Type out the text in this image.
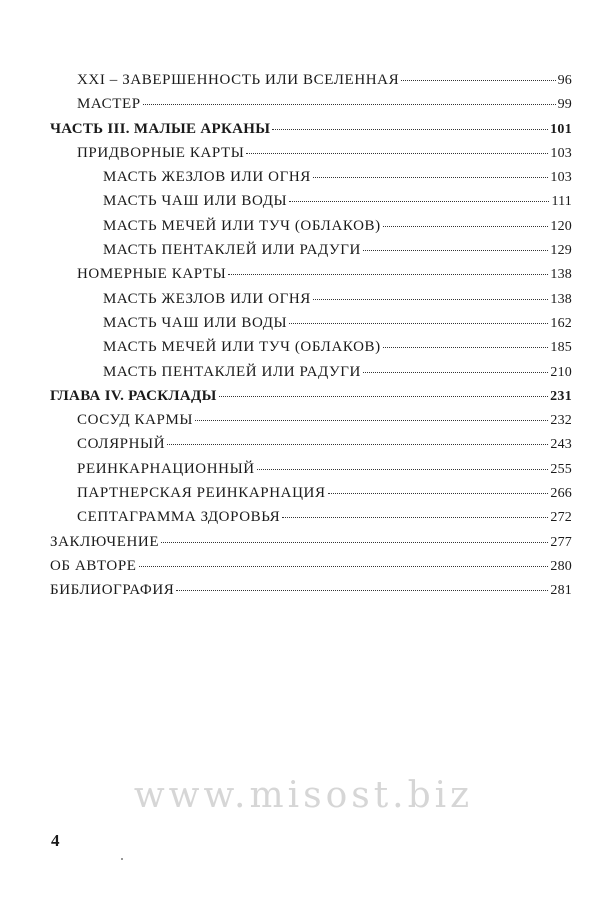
XXI – ЗАВЕРШЕННОСТЬ ИЛИ ВСЕЛЕННАЯ	96
МАСТЕР	99
ЧАСТЬ III. МАЛЫЕ АРКАНЫ	101
ПРИДВОРНЫЕ КАРТЫ	103
МАСТЬ ЖЕЗЛОВ ИЛИ ОГНЯ	103
МАСТЬ ЧАШ ИЛИ ВОДЫ	111
МАСТЬ МЕЧЕЙ ИЛИ ТУЧ (ОБЛАКОВ)	120
МАСТЬ ПЕНТАКЛЕЙ ИЛИ РАДУГИ	129
НОМЕРНЫЕ КАРТЫ	138
МАСТЬ ЖЕЗЛОВ ИЛИ ОГНЯ	138
МАСТЬ ЧАШ ИЛИ ВОДЫ	162
МАСТЬ МЕЧЕЙ ИЛИ ТУЧ (ОБЛАКОВ)	185
МАСТЬ ПЕНТАКЛЕЙ ИЛИ РАДУГИ	210
ГЛАВА IV. РАСКЛАДЫ	231
СОСУД КАРМЫ	232
СОЛЯРНЫЙ	243
РЕИНКАРНАЦИОННЫЙ	255
ПАРТНЕРСКАЯ РЕИНКАРНАЦИЯ	266
СЕПТАГРАММА ЗДОРОВЬЯ	272
ЗАКЛЮЧЕНИЕ	277
ОБ АВТОРЕ	280
БИБЛИОГРАФИЯ	281
www.misost.biz
4
